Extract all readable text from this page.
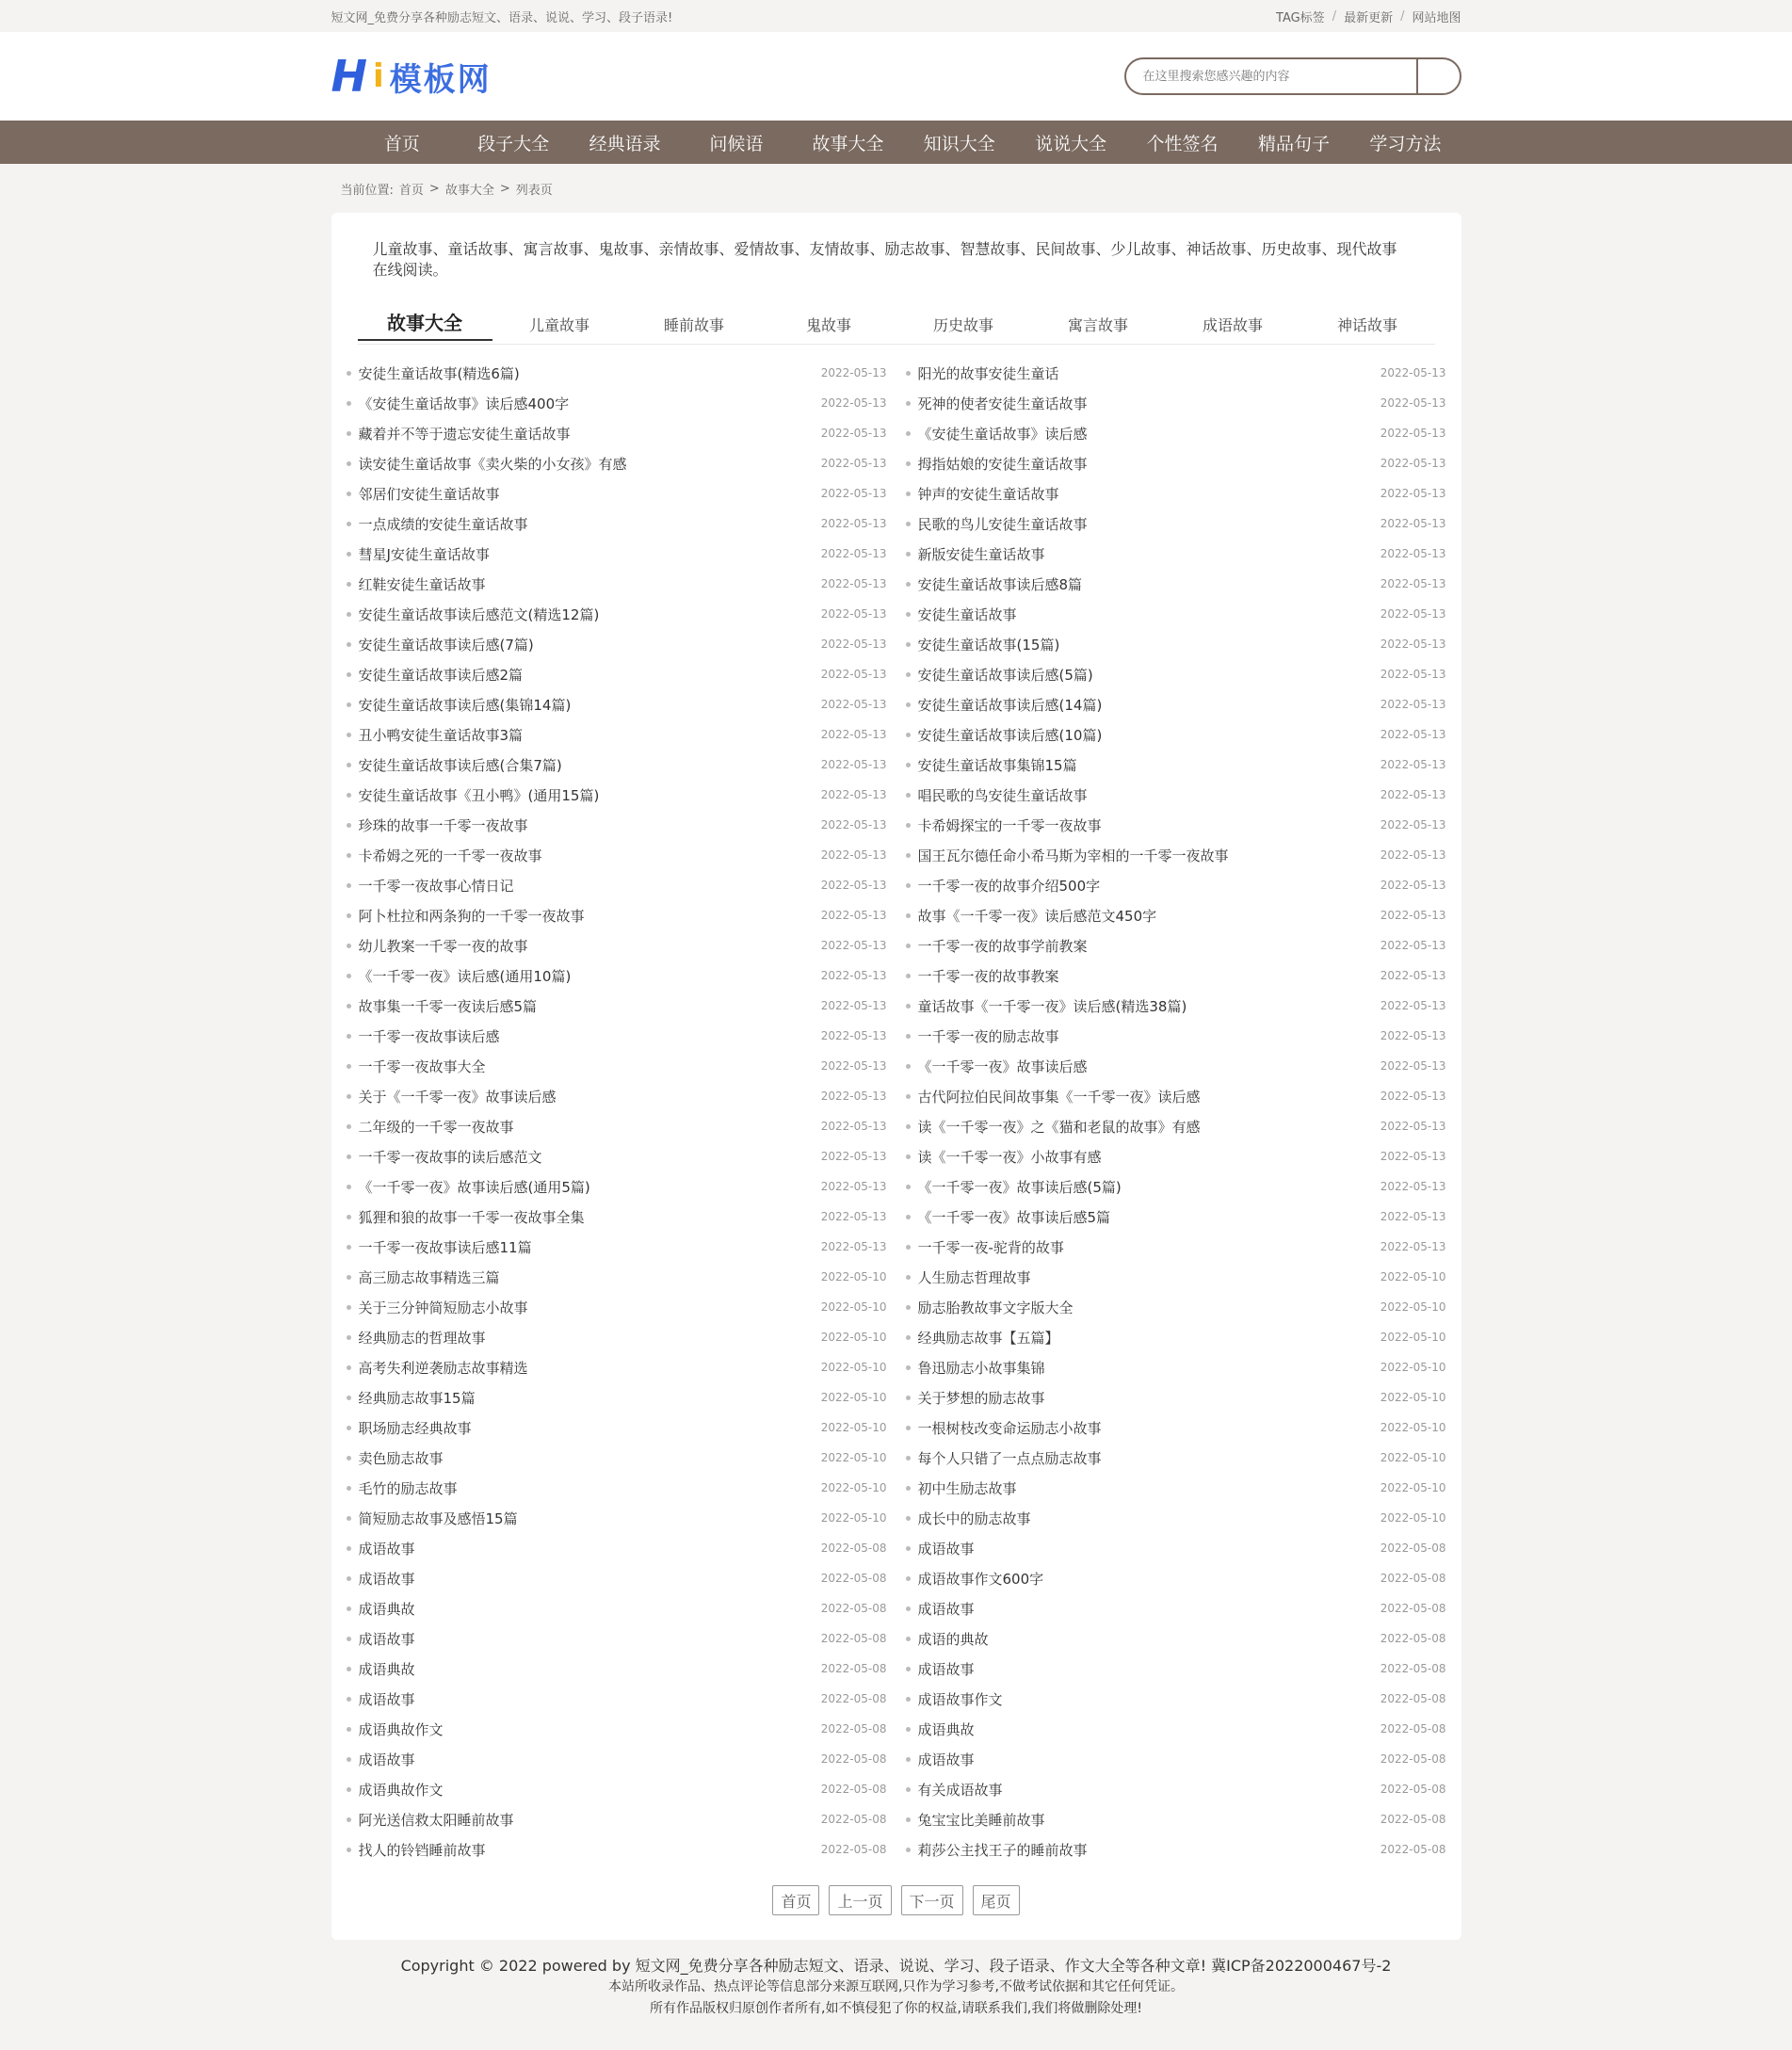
短文网_免费分享各种励志短文、语录、说说、学习、段子语录!	TAG标签 / 最新更新 / 网站地图
H i 模板网
在这里搜索您感兴趣的内容
首页	段子大全	经典语录	问候语	故事大全	知识大全	说说大全	个性签名	精品句子	学习方法
当前位置: 首页 > 故事大全 > 列表页

儿童故事、童话故事、寓言故事、鬼故事、亲情故事、爱情故事、友情故事、励志故事、智慧故事、民间故事、少儿故事、神话故事、历史故事、现代故事在线阅读。

故事大全	儿童故事	睡前故事	鬼故事	历史故事	寓言故事	成语故事	神话故事
安徒生童话故事(精选6篇)	2022-05-13
《安徒生童话故事》读后感400字	2022-05-13
藏着并不等于遗忘安徒生童话故事	2022-05-13
读安徒生童话故事《卖火柴的小女孩》有感	2022-05-13
邻居们安徒生童话故事	2022-05-13
一点成绩的安徒生童话故事	2022-05-13
彗星J安徒生童话故事	2022-05-13
红鞋安徒生童话故事	2022-05-13
安徒生童话故事读后感范文(精选12篇)	2022-05-13
安徒生童话故事读后感(7篇)	2022-05-13
安徒生童话故事读后感2篇	2022-05-13
安徒生童话故事读后感(集锦14篇)	2022-05-13
丑小鸭安徒生童话故事3篇	2022-05-13
安徒生童话故事读后感(合集7篇)	2022-05-13
安徒生童话故事《丑小鸭》(通用15篇)	2022-05-13
珍珠的故事一千零一夜故事	2022-05-13
卡希姆之死的一千零一夜故事	2022-05-13
一千零一夜故事心情日记	2022-05-13
阿卜杜拉和两条狗的一千零一夜故事	2022-05-13
幼儿教案一千零一夜的故事	2022-05-13
《一千零一夜》读后感(通用10篇)	2022-05-13
故事集一千零一夜读后感5篇	2022-05-13
一千零一夜故事读后感	2022-05-13
一千零一夜故事大全	2022-05-13
关于《一千零一夜》故事读后感	2022-05-13
二年级的一千零一夜故事	2022-05-13
一千零一夜故事的读后感范文	2022-05-13
《一千零一夜》故事读后感(通用5篇)	2022-05-13
狐狸和狼的故事一千零一夜故事全集	2022-05-13
一千零一夜故事读后感11篇	2022-05-13
高三励志故事精选三篇	2022-05-10
关于三分钟简短励志小故事	2022-05-10
经典励志的哲理故事	2022-05-10
高考失利逆袭励志故事精选	2022-05-10
经典励志故事15篇	2022-05-10
职场励志经典故事	2022-05-10
卖色励志故事	2022-05-10
毛竹的励志故事	2022-05-10
简短励志故事及感悟15篇	2022-05-10
成语故事	2022-05-08
成语故事	2022-05-08
成语典故	2022-05-08
成语故事	2022-05-08
成语典故	2022-05-08
成语故事	2022-05-08
成语典故作文	2022-05-08
成语故事	2022-05-08
成语典故作文	2022-05-08
阿光送信救太阳睡前故事	2022-05-08
找人的铃铛睡前故事	2022-05-08
阳光的故事安徒生童话	2022-05-13
死神的使者安徒生童话故事	2022-05-13
《安徒生童话故事》读后感	2022-05-13
拇指姑娘的安徒生童话故事	2022-05-13
钟声的安徒生童话故事	2022-05-13
民歌的鸟儿安徒生童话故事	2022-05-13
新版安徒生童话故事	2022-05-13
安徒生童话故事读后感8篇	2022-05-13
安徒生童话故事	2022-05-13
安徒生童话故事(15篇)	2022-05-13
安徒生童话故事读后感(5篇)	2022-05-13
安徒生童话故事读后感(14篇)	2022-05-13
安徒生童话故事读后感(10篇)	2022-05-13
安徒生童话故事集锦15篇	2022-05-13
唱民歌的鸟安徒生童话故事	2022-05-13
卡希姆探宝的一千零一夜故事	2022-05-13
国王瓦尔德任命小希马斯为宰相的一千零一夜故事	2022-05-13
一千零一夜的故事介绍500字	2022-05-13
故事《一千零一夜》读后感范文450字	2022-05-13
一千零一夜的故事学前教案	2022-05-13
一千零一夜的故事教案	2022-05-13
童话故事《一千零一夜》读后感(精选38篇)	2022-05-13
一千零一夜的励志故事	2022-05-13
《一千零一夜》故事读后感	2022-05-13
古代阿拉伯民间故事集《一千零一夜》读后感	2022-05-13
读《一千零一夜》之《猫和老鼠的故事》有感	2022-05-13
读《一千零一夜》小故事有感	2022-05-13
《一千零一夜》故事读后感(5篇)	2022-05-13
《一千零一夜》故事读后感5篇	2022-05-13
一千零一夜-驼背的故事	2022-05-13
人生励志哲理故事	2022-05-10
励志胎教故事文字版大全	2022-05-10
经典励志故事【五篇】	2022-05-10
鲁迅励志小故事集锦	2022-05-10
关于梦想的励志故事	2022-05-10
一根树枝改变命运励志小故事	2022-05-10
每个人只错了一点点励志故事	2022-05-10
初中生励志故事	2022-05-10
成长中的励志故事	2022-05-10
成语故事	2022-05-08
成语故事作文600字	2022-05-08
成语故事	2022-05-08
成语的典故	2022-05-08
成语故事	2022-05-08
成语故事作文	2022-05-08
成语典故	2022-05-08
成语故事	2022-05-08
有关成语故事	2022-05-08
兔宝宝比美睡前故事	2022-05-08
莉莎公主找王子的睡前故事	2022-05-08
首页	上一页	下一页	尾页
Copyright © 2022 powered by 短文网_免费分享各种励志短文、语录、说说、学习、段子语录、作文大全等各种文章! 冀ICP备2022000467号-2
本站所收录作品、热点评论等信息部分来源互联网,只作为学习参考,不做考试依据和其它任何凭证。
所有作品版权归原创作者所有,如不慎侵犯了你的权益,请联系我们,我们将做删除处理!
